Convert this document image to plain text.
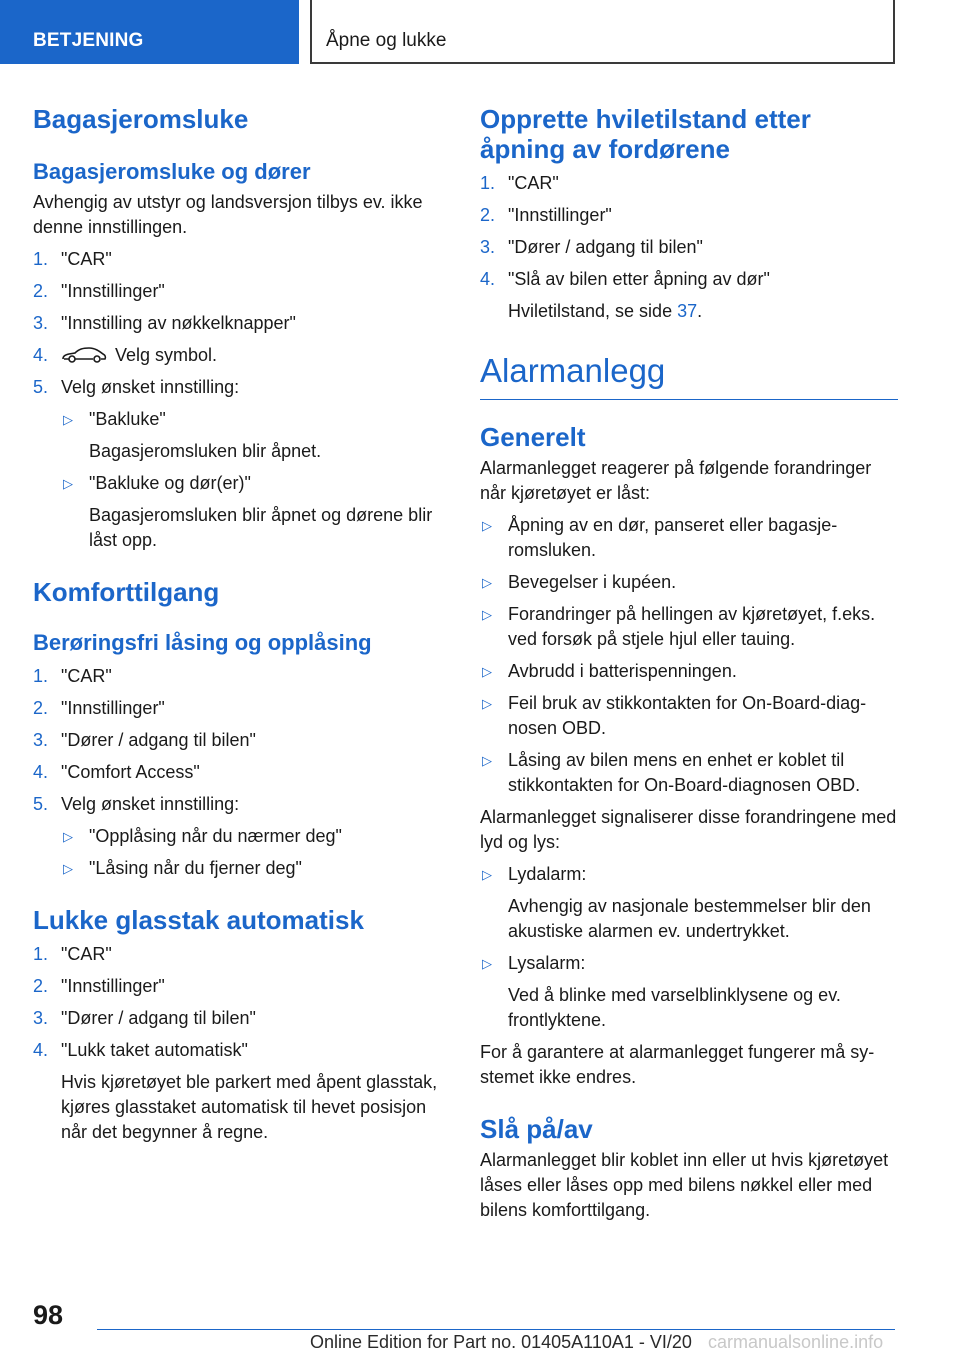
BETJENING	Åpne og lukke
Bagasjeromsluke
Bagasjeromsluke og dører

Avhengig av utstyr og landsversjon tilbys ev. ikke denne innstillingen.

1. "CAR"
2. "Innstillinger"
3. "Innstilling av nøkkelknapper"
4.	Velg symbol.
5. Velg ønsket innstilling:
▷ "Bakluke"
Bagasjeromsluken blir åpnet.
▷ "Bakluke og dør(er)"
Bagasjeromsluken blir åpnet og dørene blir låst opp.
Komforttilgang
Berøringsfri låsing og opplåsing
1. "CAR"
2. "Innstillinger"
3. "Dører / adgang til bilen"
4. "Comfort Access"
5. Velg ønsket innstilling:
▷ "Opplåsing når du nærmer deg"
▷ "Låsing når du fjerner deg"
Lukke glasstak automatisk
1. "CAR"
2. "Innstillinger"
3. "Dører / adgang til bilen"
4. "Lukk taket automatisk"
Hvis kjøretøyet ble parkert med åpent glasstak, kjøres glasstaket automatisk til hevet posisjon når det begynner å regne.
Opprette hviletilstand etter åpning av fordørene
1. "CAR"
2. "Innstillinger"
3. "Dører / adgang til bilen"
4. "Slå av bilen etter åpning av dør"
Hviletilstand, se side 37.
Alarmanlegg
Generelt

Alarmanlegget reagerer på følgende forandringer når kjøretøyet er låst:

▷ Åpning av en dør, panseret eller bagasjeromsluken.
▷ Bevegelser i kupéen.
▷ Forandringer på hellingen av kjøretøyet, f.eks. ved forsøk på stjele hjul eller tauing.
▷ Avbrudd i batterispenningen.
▷ Feil bruk av stikkontakten for On-Board-diagnosen OBD.
▷ Låsing av bilen mens en enhet er koblet til stikkontakten for On-Board-diagnosen OBD.

Alarmanlegget signaliserer disse forandringene med lyd og lys:

▷ Lydalarm:
Avhengig av nasjonale bestemmelser blir den akustiske alarmen ev. undertrykket.
▷ Lysalarm:
Ved å blinke med varselblinklysene og ev. frontlyktene.

For å garantere at alarmanlegget fungerer må systemet ikke endres.

Slå på/av

Alarmanlegget blir koblet inn eller ut hvis kjøretøyet låses eller låses opp med bilens nøkkel eller med bilens komforttilgang.

98
Online Edition for Part no. 01405A110A1 - VI/20 carmanualsonline.info
